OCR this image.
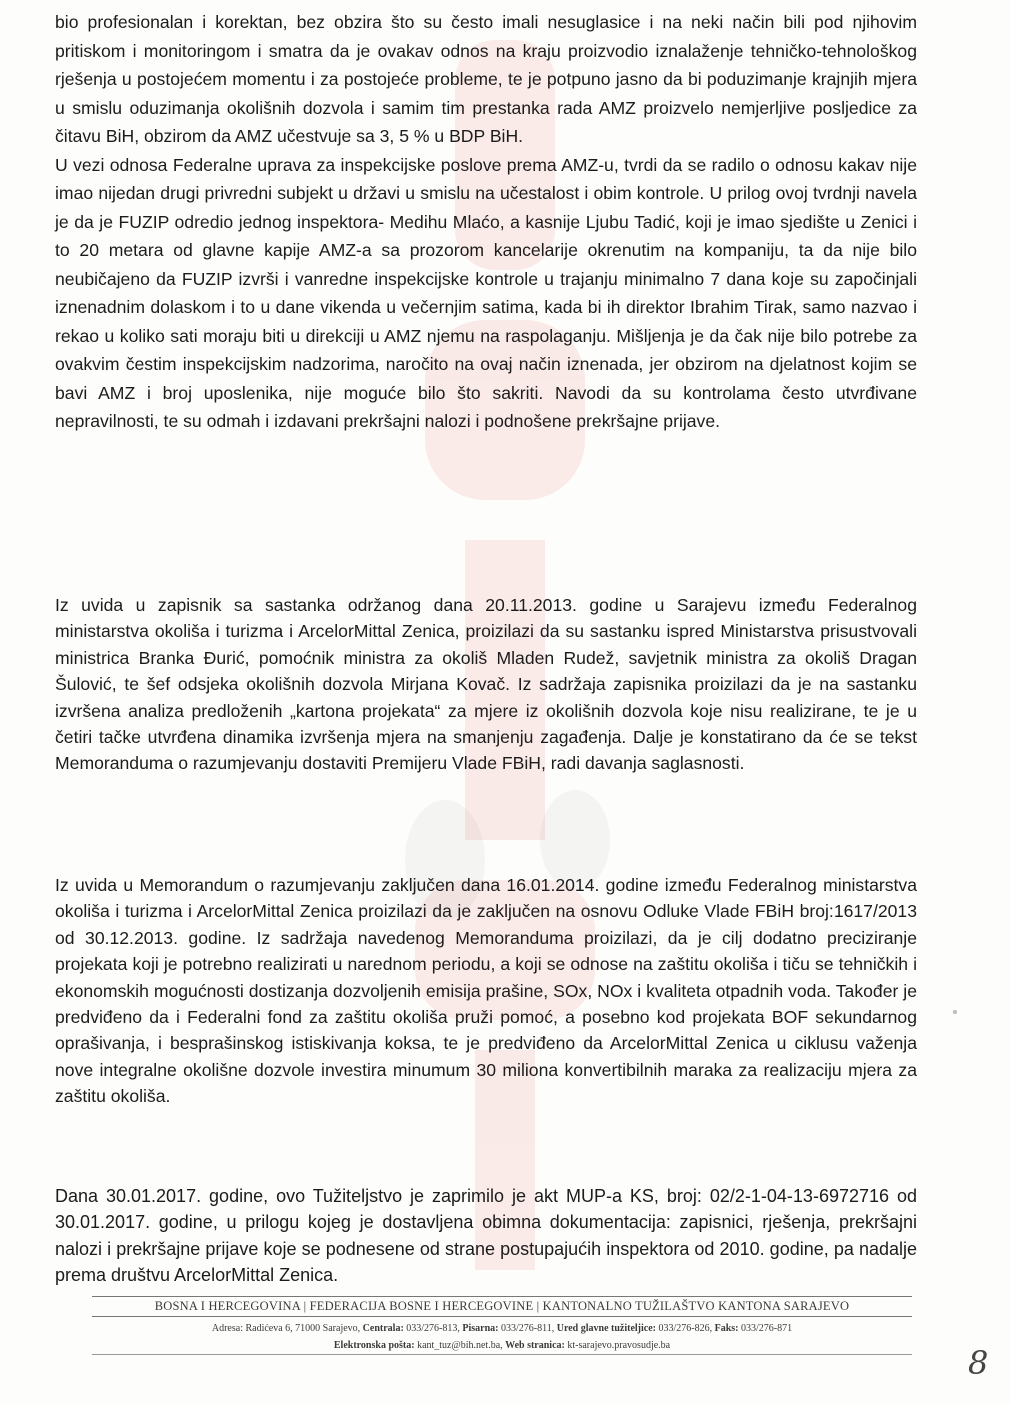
bio profesionalan i korektan, bez obzira što su često imali nesuglasice i na neki način bili pod njihovim pritiskom i monitoringom i smatra da je ovakav odnos na kraju proizvodio iznalaženje tehničko-tehnološkog rješenja u postojećem momentu i za postojeće probleme, te je potpuno jasno da bi poduzimanje krajnjih mjera u smislu oduzimanja okolišnih dozvola i samim tim prestanka rada AMZ proizvelo nemjerljive posljedice za čitavu BiH, obzirom da AMZ učestvuje sa 3, 5 % u BDP BiH.

U vezi odnosa Federalne uprava za inspekcijske poslove prema AMZ-u, tvrdi da se radilo o odnosu kakav nije imao nijedan drugi privredni subjekt u državi u smislu na učestalost i obim kontrole. U prilog ovoj tvrdnji navela je da je FUZIP odredio jednog inspektora- Medihu Mlaćo, a kasnije Ljubu Tadić, koji je imao sjedište u Zenici i to 20 metara od glavne kapije AMZ-a sa prozorom kancelarije okrenutim na kompaniju, ta da nije bilo neubičajeno da FUZIP izvrši i vanredne inspekcijske kontrole u trajanju minimalno 7 dana koje su započinjali iznenadnim dolaskom i to u dane vikenda u večernjim satima, kada bi ih direktor Ibrahim Tirak, samo nazvao i rekao u koliko sati moraju biti u direkciji u AMZ njemu na raspolaganju. Mišljenja je da čak nije bilo potrebe za ovakvim čestim inspekcijskim nadzorima, naročito na ovaj način iznenada, jer obzirom na djelatnost kojim se bavi AMZ i broj uposlenika, nije moguće bilo što sakriti. Navodi da su kontrolama često utvrđivane nepravilnosti, te su odmah i izdavani prekršajni nalozi i podnošene prekršajne prijave.

Iz uvida u zapisnik sa sastanka održanog dana 20.11.2013. godine u Sarajevu između Federalnog ministarstva okoliša i turizma i ArcelorMittal Zenica, proizilazi da su sastanku ispred Ministarstva prisustvovali ministrica Branka Đurić, pomoćnik ministra za okoliš Mladen Rudež, savjetnik ministra za okoliš Dragan Šulović, te šef odsjeka okolišnih dozvola Mirjana Kovač. Iz sadržaja zapisnika proizilazi da je na sastanku izvršena analiza predloženih „kartona projekata“ za mjere iz okolišnih dozvola koje nisu realizirane, te je u četiri tačke utvrđena dinamika izvršenja mjera na smanjenju zagađenja. Dalje je konstatirano da će se tekst Memoranduma o razumjevanju dostaviti Premijeru Vlade FBiH, radi davanja saglasnosti.

Iz uvida u Memorandum o razumjevanju zaključen dana 16.01.2014. godine između Federalnog ministarstva okoliša i turizma i ArcelorMittal Zenica proizilazi da je zaključen na osnovu Odluke Vlade FBiH broj:1617/2013 od 30.12.2013. godine. Iz sadržaja navedenog Memoranduma proizilazi, da je cilj dodatno preciziranje projekata koji je potrebno realizirati u narednom periodu, a koji se odnose na zaštitu okoliša i tiču se tehničkih i ekonomskih mogućnosti dostizanja dozvoljenih emisija prašine, SOx, NOx i kvaliteta otpadnih voda. Također je predviđeno da i Federalni fond za zaštitu okoliša pruži pomoć, a posebno kod projekata BOF sekundarnog oprašivanja, i besprašinskog istiskivanja koksa, te je predviđeno da ArcelorMittal Zenica u ciklusu važenja nove integralne okolišne dozvole investira minumum 30 miliona konvertibilnih maraka za realizaciju mjera za zaštitu okoliša.

Dana 30.01.2017. godine, ovo Tužiteljstvo je zaprimilo je akt MUP-a KS, broj: 02/2-1-04-13-6972716 od 30.01.2017. godine, u prilogu kojeg je dostavljena obimna dokumentacija: zapisnici, rješenja, prekršajni nalozi i prekršajne prijave koje se podnesene od strane postupajućih inspektora od 2010. godine, pa nadalje prema društvu ArcelorMittal Zenica.

BOSNA I HERCEGOVINA | FEDERACIJA BOSNE I HERCEGOVINE | KANTONALNO TUŽILAŠTVO KANTONA SARAJEVO
Adresa: Radićeva 6, 71000 Sarajevo, Centrala: 033/276-813, Pisarna: 033/276-811, Ured glavne tužiteljice: 033/276-826, Faks: 033/276-871
Elektronska pošta: kant_tuz@bih.net.ba, Web stranica: kt-sarajevo.pravosudje.ba	8
